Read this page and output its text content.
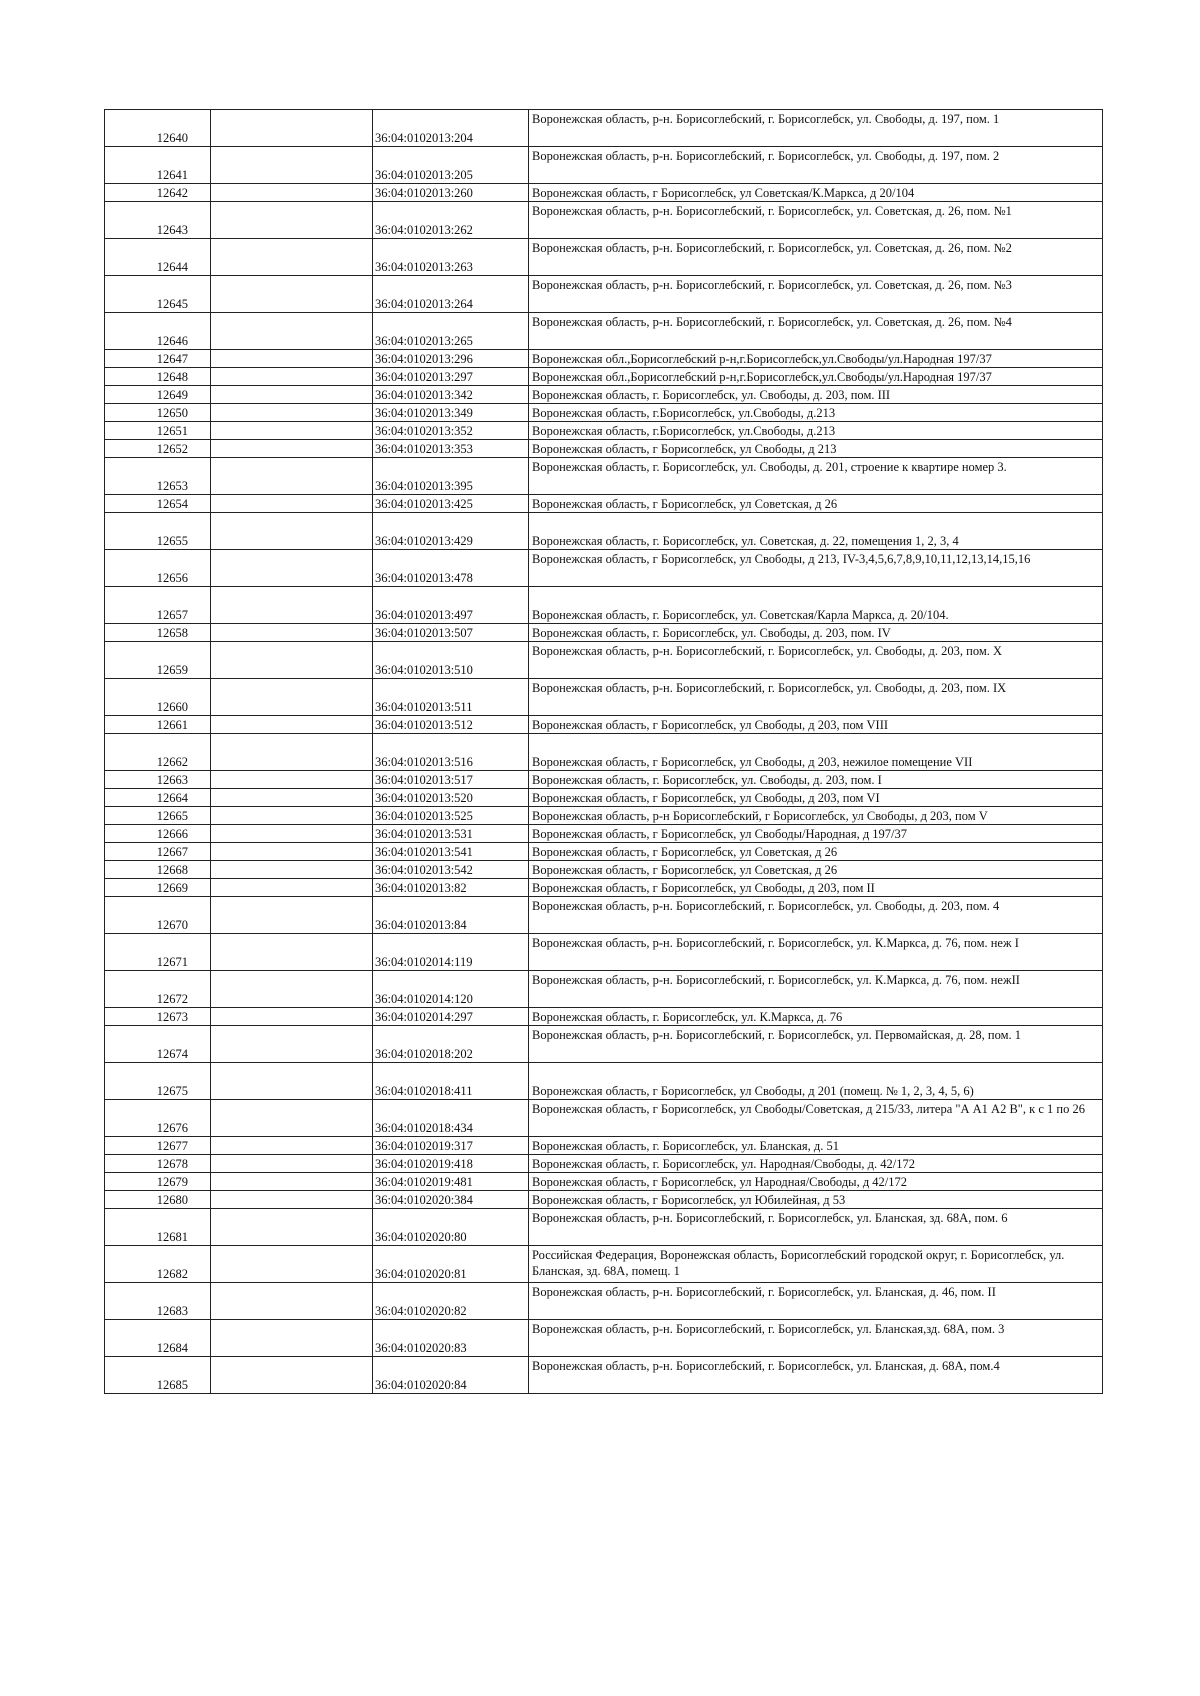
12640		36:04:0102013:204	Воронежская область, р-н. Борисоглебский, г. Борисоглебск, ул. Свободы, д. 197, пом. 1
12641		36:04:0102013:205	Воронежская область, р-н. Борисоглебский, г. Борисоглебск, ул. Свободы, д. 197, пом. 2
12642		36:04:0102013:260	Воронежская область, г Борисоглебск, ул Советская/К.Маркса, д 20/104
12643		36:04:0102013:262	Воронежская область, р-н. Борисоглебский, г. Борисоглебск, ул. Советская, д. 26, пом. №1
12644		36:04:0102013:263	Воронежская область, р-н. Борисоглебский, г. Борисоглебск, ул. Советская, д. 26, пом. №2
12645		36:04:0102013:264	Воронежская область, р-н. Борисоглебский, г. Борисоглебск, ул. Советская, д. 26, пом. №3
12646		36:04:0102013:265	Воронежская область, р-н. Борисоглебский, г. Борисоглебск, ул. Советская, д. 26, пом. №4
12647		36:04:0102013:296	Воронежская обл.,Борисоглебский р-н,г.Борисоглебск,ул.Свободы/ул.Народная 197/37
12648		36:04:0102013:297	Воронежская обл.,Борисоглебский р-н,г.Борисоглебск,ул.Свободы/ул.Народная 197/37
12649		36:04:0102013:342	Воронежская область, г. Борисоглебск, ул. Свободы, д. 203, пом. III
12650		36:04:0102013:349	Воронежская область, г.Борисоглебск, ул.Свободы, д.213
12651		36:04:0102013:352	Воронежская область, г.Борисоглебск, ул.Свободы, д.213
12652		36:04:0102013:353	Воронежская область, г Борисоглебск, ул Свободы, д 213
12653		36:04:0102013:395	Воронежская область, г. Борисоглебск, ул. Свободы, д. 201, строение к квартире номер 3.
12654		36:04:0102013:425	Воронежская область, г Борисоглебск, ул Советская, д 26
12655		36:04:0102013:429	Воронежская область, г. Борисоглебск, ул. Советская, д. 22, помещения 1, 2, 3, 4
12656		36:04:0102013:478	Воронежская область, г Борисоглебск, ул Свободы, д 213, IV-3,4,5,6,7,8,9,10,11,12,13,14,15,16
12657		36:04:0102013:497	Воронежская область, г. Борисоглебск, ул. Советская/Карла Маркса, д. 20/104.
12658		36:04:0102013:507	Воронежская область, г. Борисоглебск, ул. Свободы, д. 203, пом. IV
12659		36:04:0102013:510	Воронежская область, р-н. Борисоглебский, г. Борисоглебск, ул. Свободы, д. 203, пом. X
12660		36:04:0102013:511	Воронежская область, р-н. Борисоглебский, г. Борисоглебск, ул. Свободы, д. 203, пом. IX
12661		36:04:0102013:512	Воронежская область, г Борисоглебск, ул Свободы, д 203, пом VIII
12662		36:04:0102013:516	Воронежская область, г Борисоглебск, ул Свободы, д 203, нежилое помещение VII
12663		36:04:0102013:517	Воронежская область, г. Борисоглебск, ул. Свободы, д. 203, пом. I
12664		36:04:0102013:520	Воронежская область, г Борисоглебск, ул Свободы, д 203, пом VI
12665		36:04:0102013:525	Воронежская область, р-н Борисоглебский, г Борисоглебск, ул Свободы, д 203, пом V
12666		36:04:0102013:531	Воронежская область, г Борисоглебск, ул Свободы/Народная, д 197/37
12667		36:04:0102013:541	Воронежская область, г Борисоглебск, ул Советская, д 26
12668		36:04:0102013:542	Воронежская область, г Борисоглебск, ул Советская, д 26
12669		36:04:0102013:82	Воронежская область, г Борисоглебск, ул Свободы, д 203, пом II
12670		36:04:0102013:84	Воронежская область, р-н. Борисоглебский, г. Борисоглебск, ул. Свободы, д. 203, пом. 4
12671		36:04:0102014:119	Воронежская область, р-н. Борисоглебский, г. Борисоглебск, ул. К.Маркса, д. 76, пом. неж I
12672		36:04:0102014:120	Воронежская область, р-н. Борисоглебский, г. Борисоглебск, ул. К.Маркса, д. 76, пом. нежII
12673		36:04:0102014:297	Воронежская область, г. Борисоглебск, ул. К.Маркса, д. 76
12674		36:04:0102018:202	Воронежская область, р-н. Борисоглебский, г. Борисоглебск, ул. Первомайская, д. 28, пом. 1
12675		36:04:0102018:411	Воронежская область, г Борисоглебск, ул Свободы, д 201 (помещ. № 1, 2, 3, 4, 5, 6)
12676		36:04:0102018:434	Воронежская область, г Борисоглебск, ул Свободы/Советская, д 215/33, литера "А А1 А2 В", к с 1 по 26
12677		36:04:0102019:317	Воронежская область, г. Борисоглебск, ул. Бланская, д. 51
12678		36:04:0102019:418	Воронежская область, г. Борисоглебск, ул. Народная/Свободы, д. 42/172
12679		36:04:0102019:481	Воронежская область, г Борисоглебск, ул Народная/Свободы, д 42/172
12680		36:04:0102020:384	Воронежская область, г Борисоглебск, ул Юбилейная, д 53
12681		36:04:0102020:80	Воронежская область, р-н. Борисоглебский, г. Борисоглебск, ул. Бланская, зд. 68А, пом. 6
12682		36:04:0102020:81	Российская Федерация, Воронежская область, Борисоглебский городской округ, г. Борисоглебск, ул. Бланская, зд. 68А, помещ. 1
12683		36:04:0102020:82	Воронежская область, р-н. Борисоглебский, г. Борисоглебск, ул. Бланская, д. 46, пом. II
12684		36:04:0102020:83	Воронежская область, р-н. Борисоглебский, г. Борисоглебск, ул. Бланская,зд. 68А, пом. 3
12685		36:04:0102020:84	Воронежская область, р-н. Борисоглебский, г. Борисоглебск, ул. Бланская, д. 68А, пом.4
